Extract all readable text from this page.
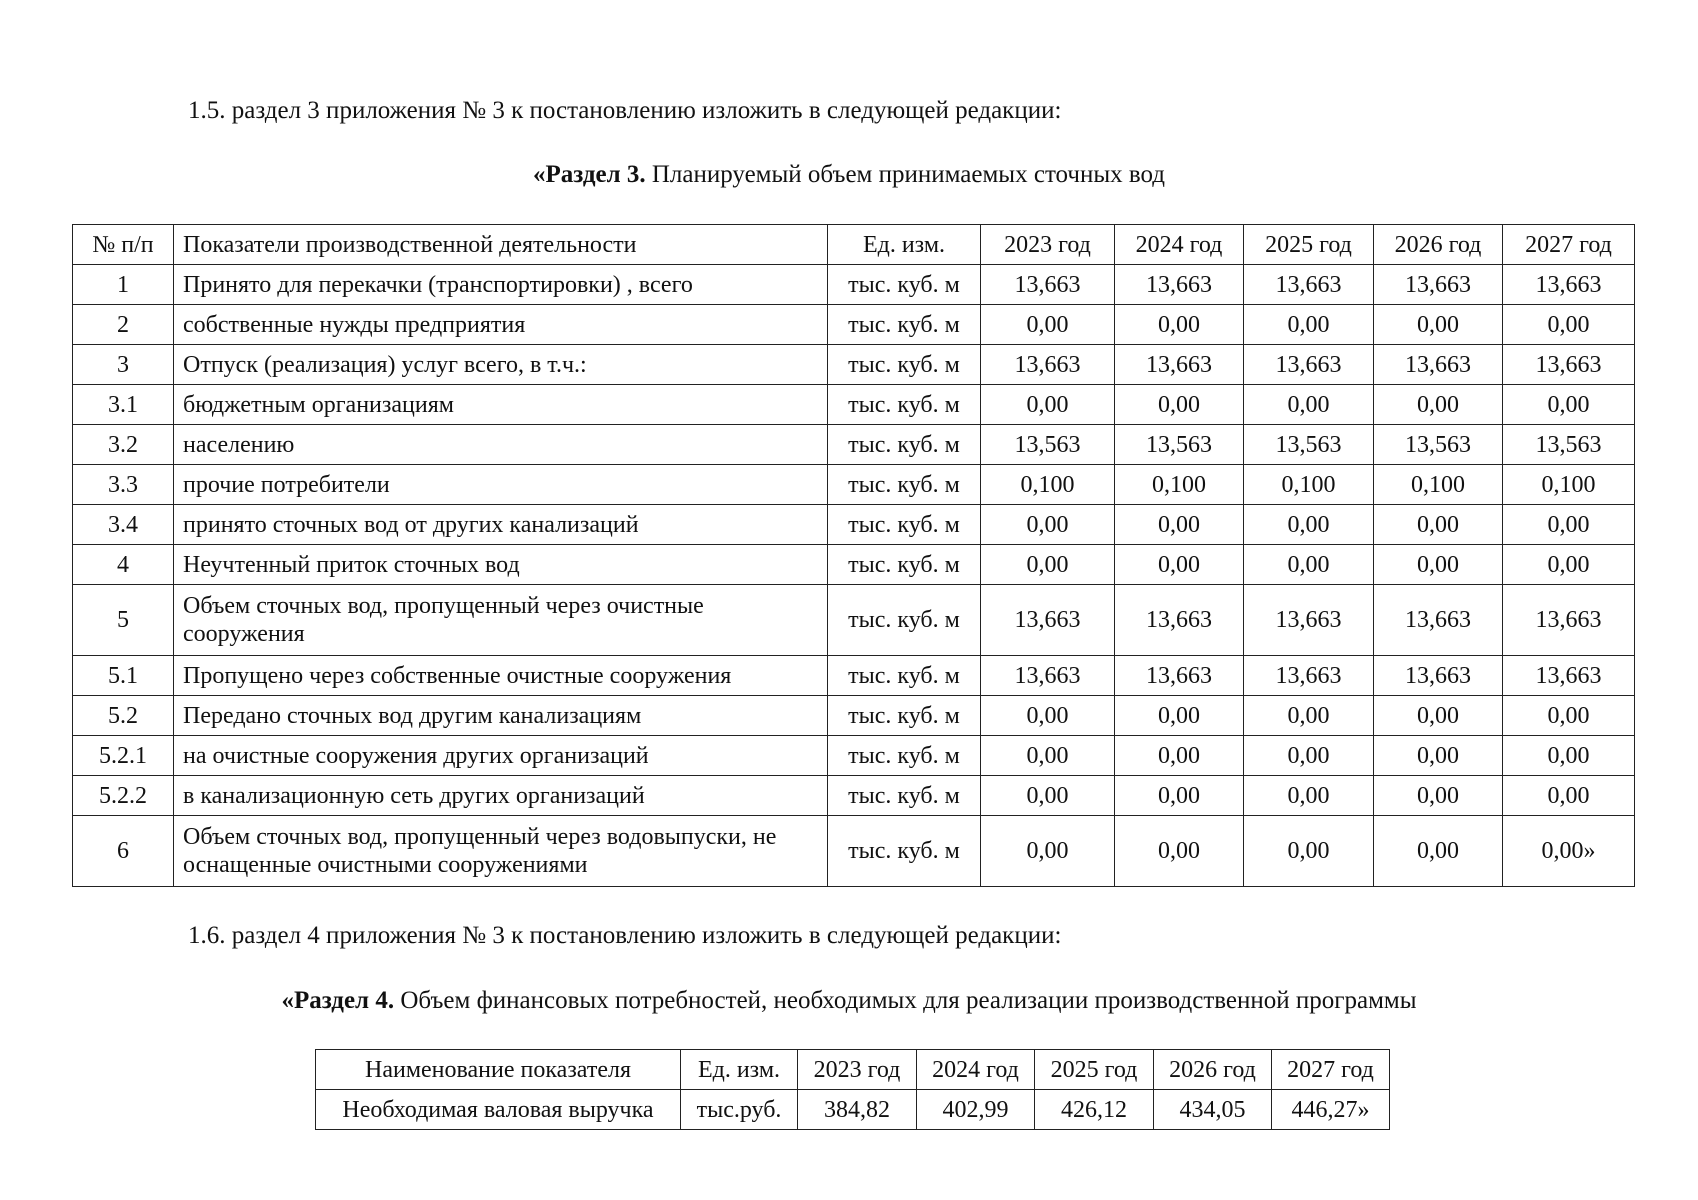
1.5. раздел 3 приложения № 3 к постановлению изложить в следующей редакции:

«Раздел 3. Планируемый объем принимаемых сточных вод

№ п/п	Показатели производственной деятельности	Ед. изм.	2023 год	2024 год	2025 год	2026 год	2027 год
1	Принято для перекачки (транспортировки) , всего	тыс. куб. м	13,663	13,663	13,663	13,663	13,663
2	собственные нужды предприятия	тыс. куб. м	0,00	0,00	0,00	0,00	0,00
3	Отпуск (реализация) услуг всего, в т.ч.:	тыс. куб. м	13,663	13,663	13,663	13,663	13,663
3.1	бюджетным организациям	тыс. куб. м	0,00	0,00	0,00	0,00	0,00
3.2	населению	тыс. куб. м	13,563	13,563	13,563	13,563	13,563
3.3	прочие потребители	тыс. куб. м	0,100	0,100	0,100	0,100	0,100
3.4	принято сточных вод от других канализаций	тыс. куб. м	0,00	0,00	0,00	0,00	0,00
4	Неучтенный приток сточных вод	тыс. куб. м	0,00	0,00	0,00	0,00	0,00
5	Объем сточных вод, пропущенный через очистные сооружения	тыс. куб. м	13,663	13,663	13,663	13,663	13,663
5.1	Пропущено через собственные очистные сооружения	тыс. куб. м	13,663	13,663	13,663	13,663	13,663
5.2	Передано сточных вод другим канализациям	тыс. куб. м	0,00	0,00	0,00	0,00	0,00
5.2.1	на очистные сооружения других организаций	тыс. куб. м	0,00	0,00	0,00	0,00	0,00
5.2.2	в канализационную сеть других организаций	тыс. куб. м	0,00	0,00	0,00	0,00	0,00
6	Объем сточных вод, пропущенный через водовыпуски, не оснащенные очистными сооружениями	тыс. куб. м	0,00	0,00	0,00	0,00	0,00»

1.6. раздел 4 приложения № 3 к постановлению изложить в следующей редакции:

«Раздел 4. Объем финансовых потребностей, необходимых для реализации производственной программы

Наименование показателя	Ед. изм.	2023 год	2024 год	2025 год	2026 год	2027 год
Необходимая валовая выручка	тыс.руб.	384,82	402,99	426,12	434,05	446,27»
